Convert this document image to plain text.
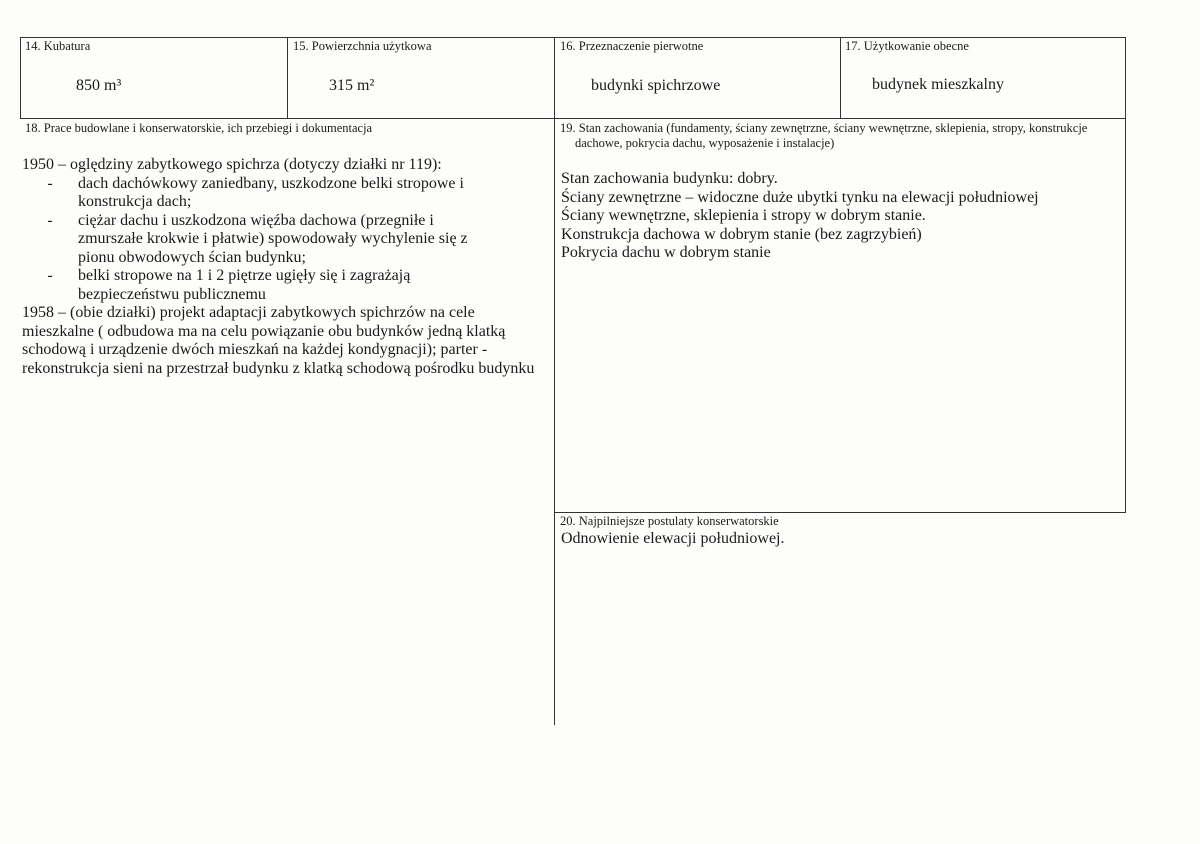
14. Kubatura
850 m³
15. Powierzchnia użytkowa
315 m²
16. Przeznaczenie pierwotne
budynki spichrzowe
17. Użytkowanie obecne
budynek mieszkalny
18. Prace budowlane i konserwatorskie, ich przebiegi i dokumentacja

1950 – oględziny zabytkowego spichrza (dotyczy działki nr 119):

-	dach dachówkowy zaniedbany, uszkodzone belki stropowe i konstrukcja dach;
-	ciężar dachu i uszkodzona więźba dachowa (przegniłe i zmurszałe krokwie i płatwie) spowodowały wychylenie się z pionu obwodowych ścian budynku;
-	belki stropowe na 1 i 2 piętrze ugięły się i zagrażają bezpieczeństwu publicznemu

1958 – (obie działki) projekt adaptacji zabytkowych spichrzów na cele mieszkalne ( odbudowa ma na celu powiązanie obu budynków jedną klatką schodową i urządzenie dwóch mieszkań na każdej kondygnacji); parter - rekonstrukcja sieni na przestrzał budynku z klatką schodową pośrodku budynku

19. Stan zachowania (fundamenty, ściany zewnętrzne, ściany wewnętrzne, sklepienia, stropy, konstrukcje dachowe, pokrycia dachu, wyposażenie i instalacje)

Stan zachowania budynku: dobry.

Ściany zewnętrzne – widoczne duże ubytki tynku na elewacji południowej

Ściany wewnętrzne, sklepienia i stropy w dobrym stanie.

Konstrukcja dachowa w dobrym stanie (bez zagrzybień)

Pokrycia dachu w dobrym stanie

20. Najpilniejsze postulaty konserwatorskie
Odnowienie elewacji południowej.
